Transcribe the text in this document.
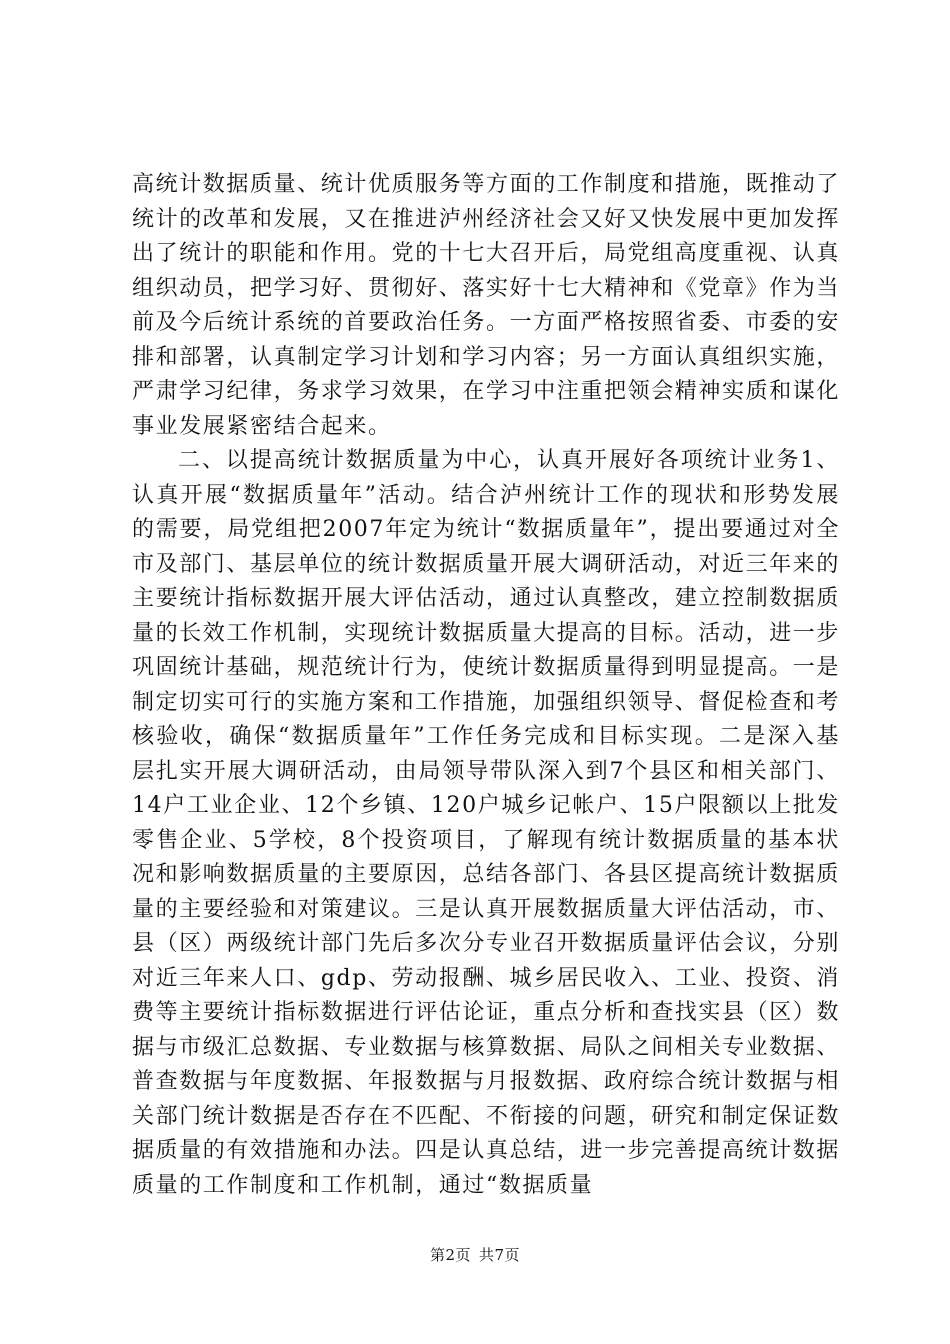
高统计数据质量、统计优质服务等方面的工作制度和措施，既推动了统计的改革和发展，又在推进泸州经济社会又好又快发展中更加发挥出了统计的职能和作用。党的十七大召开后，局党组高度重视、认真组织动员，把学习好、贯彻好、落实好十七大精神和《党章》作为当前及今后统计系统的首要政治任务。一方面严格按照省委、市委的安排和部署，认真制定学习计划和学习内容；另一方面认真组织实施，严肃学习纪律，务求学习效果，在学习中注重把领会精神实质和谋化事业发展紧密结合起来。

二、以提高统计数据质量为中心，认真开展好各项统计业务1、认真开展“数据质量年”活动。结合泸州统计工作的现状和形势发展的需要，局党组把2007年定为统计“数据质量年”，提出要通过对全市及部门、基层单位的统计数据质量开展大调研活动，对近三年来的主要统计指标数据开展大评估活动，通过认真整改，建立控制数据质量的长效工作机制，实现统计数据质量大提高的目标。活动，进一步巩固统计基础，规范统计行为，使统计数据质量得到明显提高。一是制定切实可行的实施方案和工作措施，加强组织领导、督促检查和考核验收，确保“数据质量年”工作任务完成和目标实现。二是深入基层扎实开展大调研活动，由局领导带队深入到7个县区和相关部门、14户工业企业、12个乡镇、120户城乡记帐户、15户限额以上批发零售企业、5学校，8个投资项目，了解现有统计数据质量的基本状况和影响数据质量的主要原因，总结各部门、各县区提高统计数据质量的主要经验和对策建议。三是认真开展数据质量大评估活动，市、县（区）两级统计部门先后多次分专业召开数据质量评估会议，分别对近三年来人口、gdp、劳动报酬、城乡居民收入、工业、投资、消费等主要统计指标数据进行评估论证，重点分析和查找实县（区）数据与市级汇总数据、专业数据与核算数据、局队之间相关专业数据、普查数据与年度数据、年报数据与月报数据、政府综合统计数据与相关部门统计数据是否存在不匹配、不衔接的问题，研究和制定保证数据质量的有效措施和办法。四是认真总结，进一步完善提高统计数据质量的工作制度和工作机制，通过“数据质量

第2页 共7页
